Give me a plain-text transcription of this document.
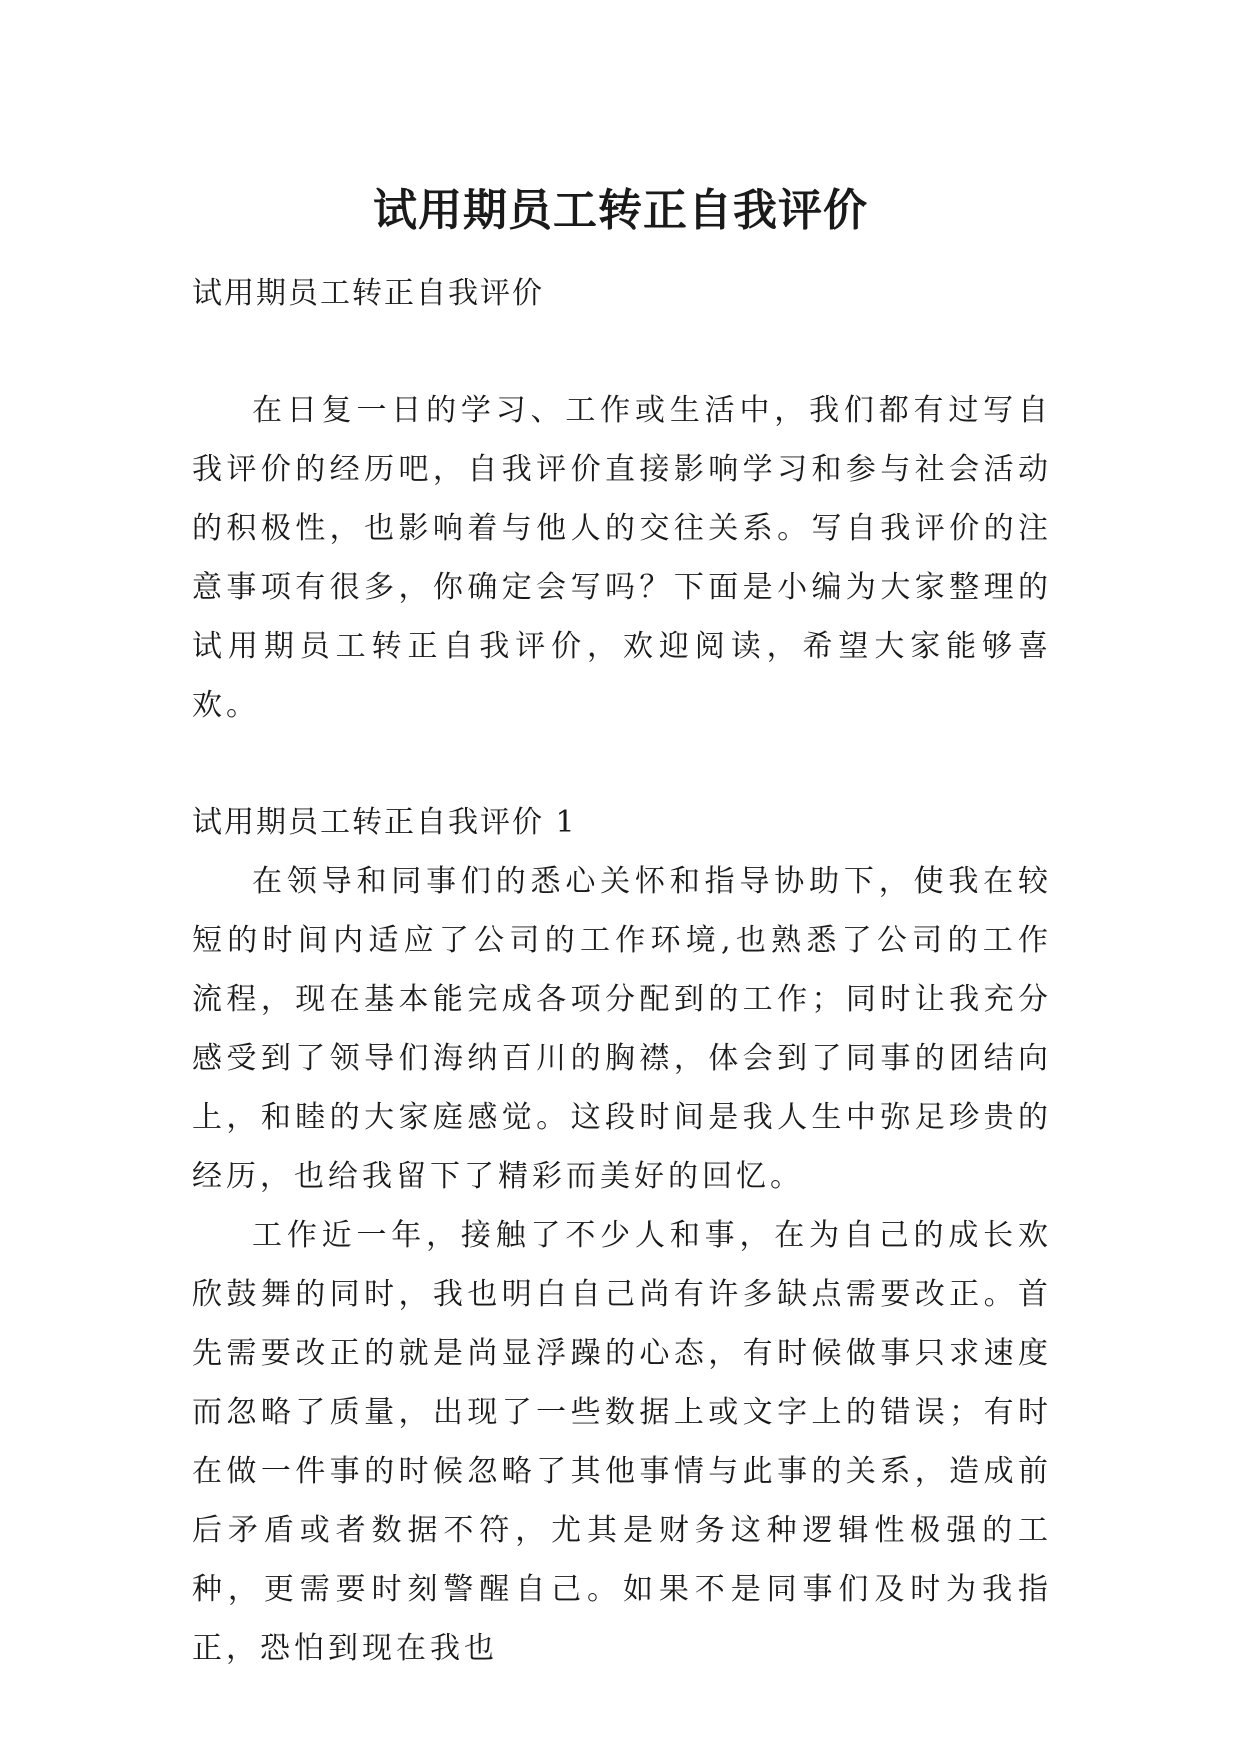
试用期员工转正自我评价

试用期员工转正自我评价

在日复一日的学习、工作或生活中，我们都有过写自我评价的经历吧，自我评价直接影响学习和参与社会活动的积极性，也影响着与他人的交往关系。写自我评价的注意事项有很多，你确定会写吗？下面是小编为大家整理的试用期员工转正自我评价，欢迎阅读，希望大家能够喜欢。

试用期员工转正自我评价 1

在领导和同事们的悉心关怀和指导协助下，使我在较短的时间内适应了公司的工作环境,也熟悉了公司的工作流程，现在基本能完成各项分配到的工作；同时让我充分感受到了领导们海纳百川的胸襟，体会到了同事的团结向上，和睦的大家庭感觉。这段时间是我人生中弥足珍贵的经历，也给我留下了精彩而美好的回忆。

工作近一年，接触了不少人和事，在为自己的成长欢欣鼓舞的同时，我也明白自己尚有许多缺点需要改正。首先需要改正的就是尚显浮躁的心态，有时候做事只求速度而忽略了质量，出现了一些数据上或文字上的错误；有时在做一件事的时候忽略了其他事情与此事的关系，造成前后矛盾或者数据不符，尤其是财务这种逻辑性极强的工种，更需要时刻警醒自己。如果不是同事们及时为我指正，恐怕到现在我也
